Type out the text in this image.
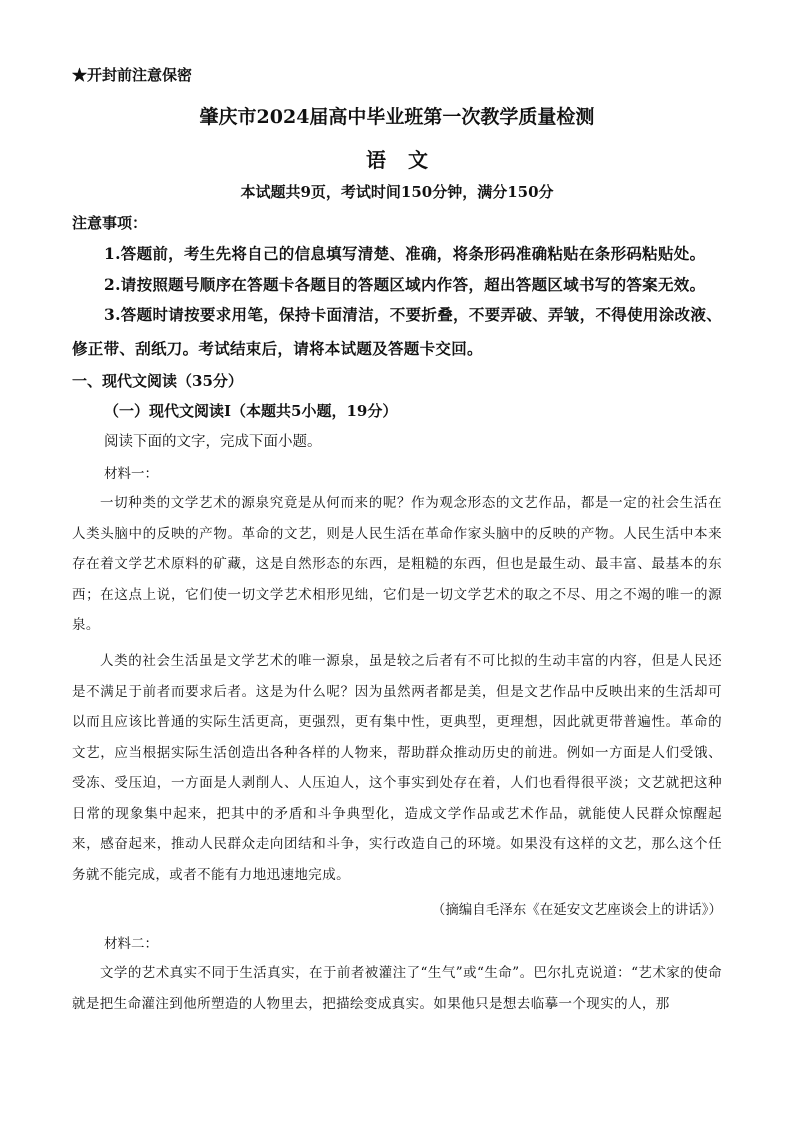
★开封前注意保密
肇庆市2024届高中毕业班第一次教学质量检测
语文
本试题共9页，考试时间150分钟，满分150分
注意事项：
1.答题前，考生先将自己的信息填写清楚、准确，将条形码准确粘贴在条形码粘贴处。
2.请按照题号顺序在答题卡各题目的答题区域内作答，超出答题区域书写的答案无效。
3.答题时请按要求用笔，保持卡面清洁，不要折叠，不要弄破、弄皱，不得使用涂改液、修正带、刮纸刀。考试结束后，请将本试题及答题卡交回。
一、现代文阅读（35分）
（一）现代文阅读Ⅰ（本题共5小题，19分）
阅读下面的文字，完成下面小题。
材料一：
一切种类的文学艺术的源泉究竟是从何而来的呢？作为观念形态的文艺作品，都是一定的社会生活在人类头脑中的反映的产物。革命的文艺，则是人民生活在革命作家头脑中的反映的产物。人民生活中本来存在着文学艺术原料的矿藏，这是自然形态的东西，是粗糙的东西，但也是最生动、最丰富、最基本的东西；在这点上说，它们使一切文学艺术相形见绌，它们是一切文学艺术的取之不尽、用之不竭的唯一的源泉。
人类的社会生活虽是文学艺术的唯一源泉，虽是较之后者有不可比拟的生动丰富的内容，但是人民还是不满足于前者而要求后者。这是为什么呢？因为虽然两者都是美，但是文艺作品中反映出来的生活却可以而且应该比普通的实际生活更高，更强烈，更有集中性，更典型，更理想，因此就更带普遍性。革命的文艺，应当根据实际生活创造出各种各样的人物来，帮助群众推动历史的前进。例如一方面是人们受饿、受冻、受压迫，一方面是人剥削人、人压迫人，这个事实到处存在着，人们也看得很平淡；文艺就把这种日常的现象集中起来，把其中的矛盾和斗争典型化，造成文学作品或艺术作品，就能使人民群众惊醒起来，感奋起来，推动人民群众走向团结和斗争，实行改造自己的环境。如果没有这样的文艺，那么这个任务就不能完成，或者不能有力地迅速地完成。
（摘编自毛泽东《在延安文艺座谈会上的讲话》）
材料二：
文学的艺术真实不同于生活真实，在于前者被灌注了“生气”或“生命”。巴尔扎克说道：“艺术家的使命就是把生命灌注到他所塑造的人物里去，把描绘变成真实。如果他只是想去临摹一个现实的人，那
